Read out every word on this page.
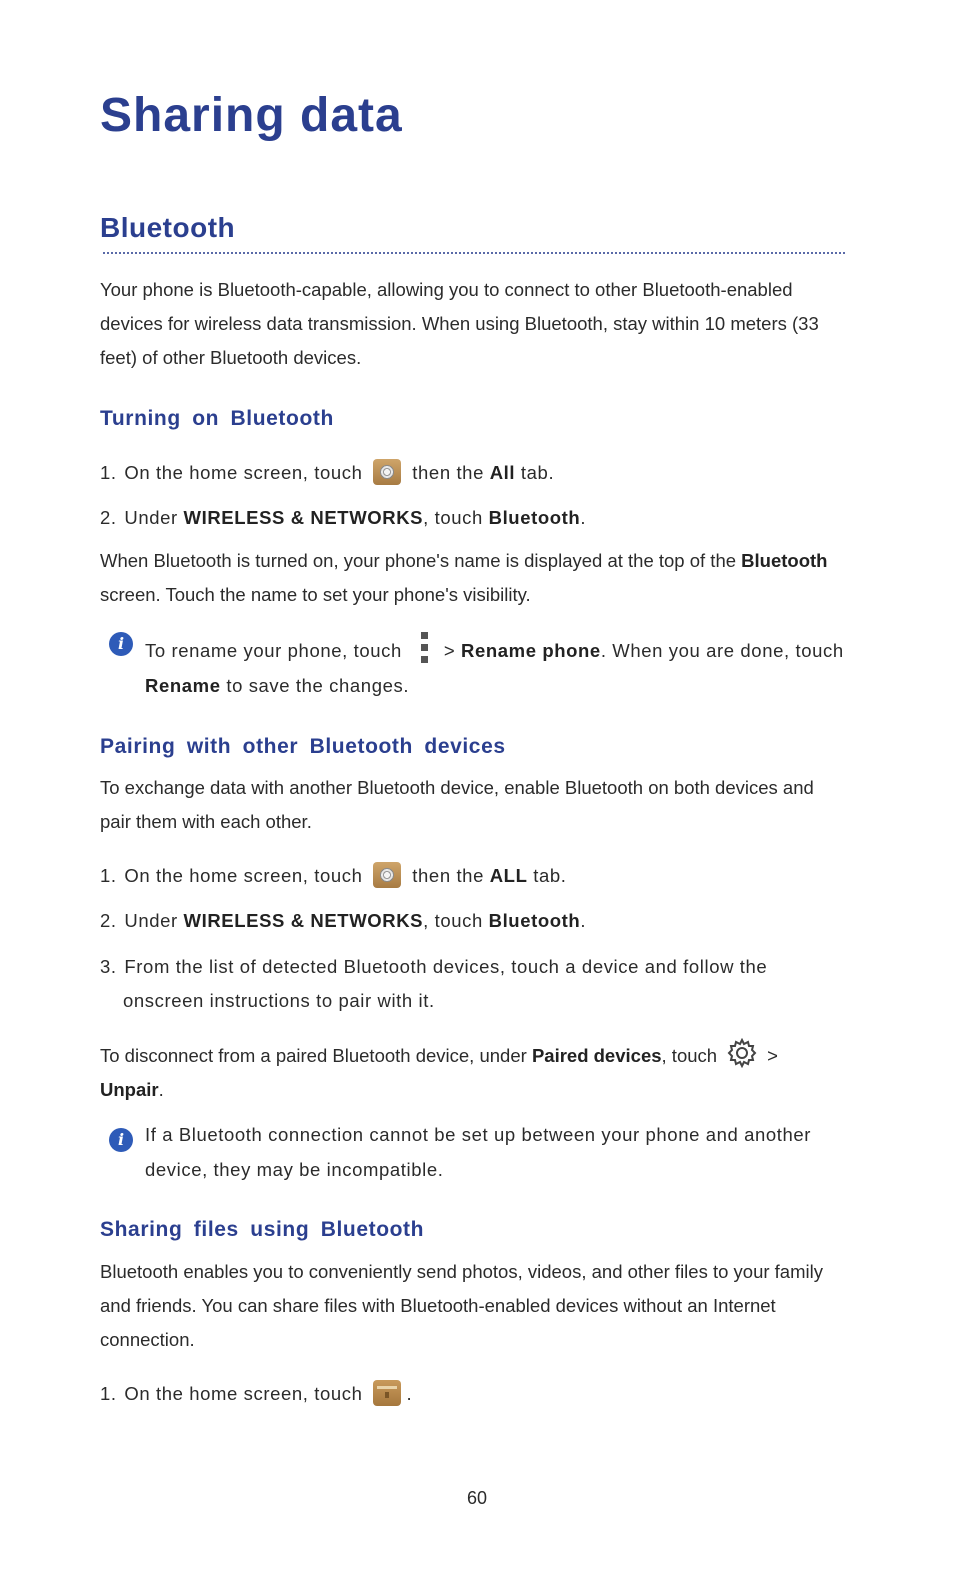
Sharing data
Bluetooth

Your phone is Bluetooth-capable, allowing you to connect to other Bluetooth-enabled devices for wireless data transmission. When using Bluetooth, stay within 10 meters (33 feet) of other Bluetooth devices.

Turning on Bluetooth

1. On the home screen, touch	then the All tab.

2. Under WIRELESS & NETWORKS, touch Bluetooth.

When Bluetooth is turned on, your phone's name is displayed at the top of the Bluetooth screen. Touch the name to set your phone's visibility.

i	To rename your phone, touch > Rename phone. When you are done, touch Rename to save the changes.

Pairing with other Bluetooth devices

To exchange data with another Bluetooth device, enable Bluetooth on both devices and pair them with each other.

1. On the home screen, touch	then the ALL tab.

2. Under WIRELESS & NETWORKS, touch Bluetooth.

3. From the list of detected Bluetooth devices, touch a device and follow the

onscreen instructions to pair with it.

To disconnect from a paired Bluetooth device, under Paired devices, touch	>
Unpair.

i	If a Bluetooth connection cannot be set up between your phone and another device, they may be incompatible.

Sharing files using Bluetooth

Bluetooth enables you to conveniently send photos, videos, and other files to your family and friends. You can share files with Bluetooth-enabled devices without an Internet connection.

1. On the home screen, touch .

60
